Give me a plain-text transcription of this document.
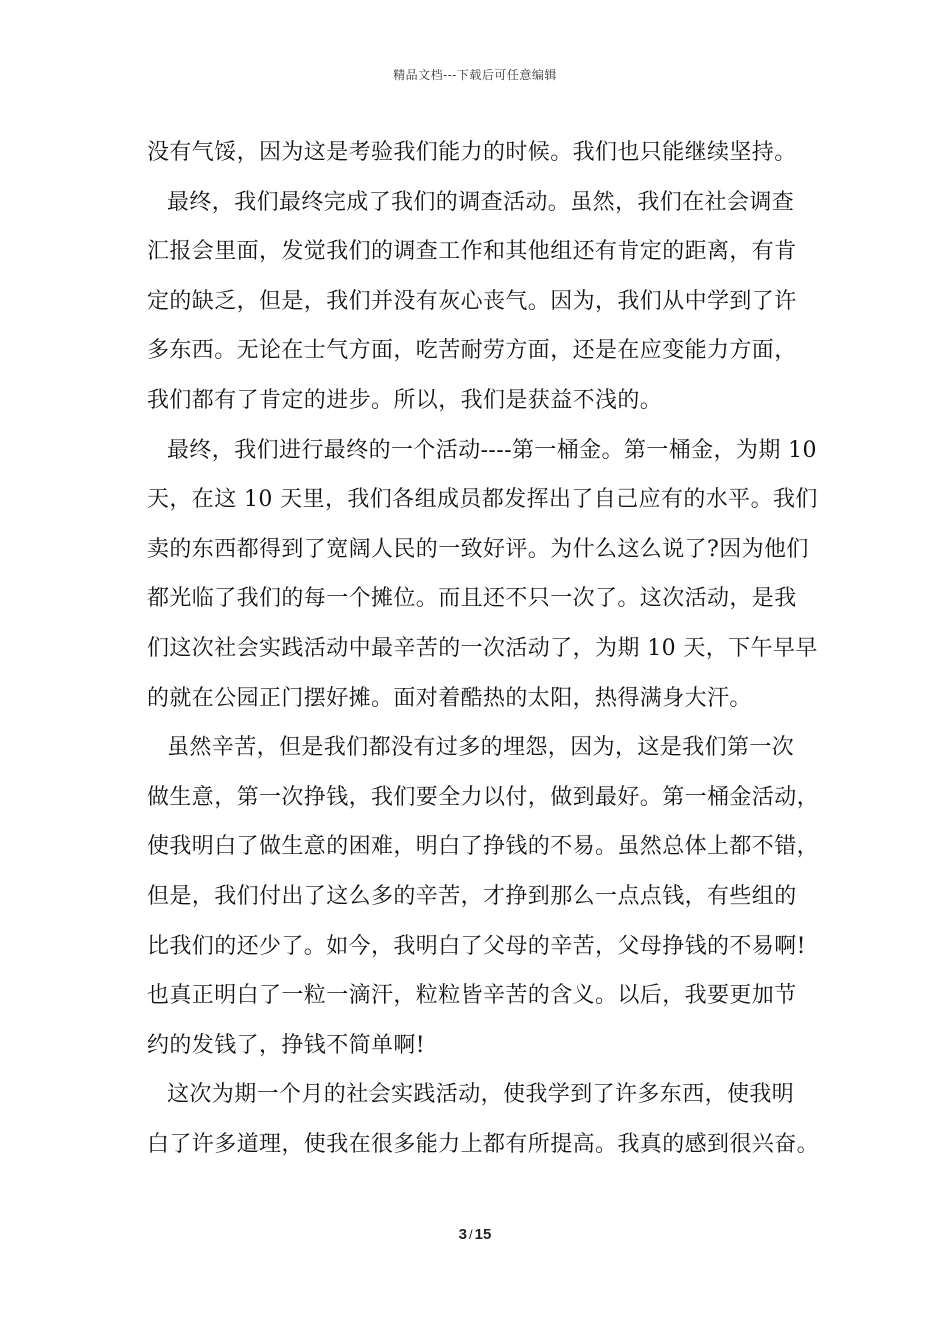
精品文档---下载后可任意编辑
没有气馁，因为这是考验我们能力的时候。我们也只能继续坚持。
最终，我们最终完成了我们的调查活动。虽然，我们在社会调查
汇报会里面，发觉我们的调查工作和其他组还有肯定的距离，有肯
定的缺乏，但是，我们并没有灰心丧气。因为，我们从中学到了许
多东西。无论在士气方面，吃苦耐劳方面，还是在应变能力方面，
我们都有了肯定的进步。所以，我们是获益不浅的。
最终，我们进行最终的一个活动----第一桶金。第一桶金，为期 10
天，在这 10 天里，我们各组成员都发挥出了自己应有的水平。我们
卖的东西都得到了宽阔人民的一致好评。为什么这么说了?因为他们
都光临了我们的每一个摊位。而且还不只一次了。这次活动，是我
们这次社会实践活动中最辛苦的一次活动了，为期 10 天，下午早早
的就在公园正门摆好摊。面对着酷热的太阳，热得满身大汗。
虽然辛苦，但是我们都没有过多的埋怨，因为，这是我们第一次
做生意，第一次挣钱，我们要全力以付，做到最好。第一桶金活动，
使我明白了做生意的困难，明白了挣钱的不易。虽然总体上都不错，
但是，我们付出了这么多的辛苦，才挣到那么一点点钱，有些组的
比我们的还少了。如今，我明白了父母的辛苦，父母挣钱的不易啊!
也真正明白了一粒一滴汗，粒粒皆辛苦的含义。以后，我要更加节
约的发钱了，挣钱不简单啊!
这次为期一个月的社会实践活动，使我学到了许多东西，使我明
白了许多道理，使我在很多能力上都有所提高。我真的感到很兴奋。
3 / 15
